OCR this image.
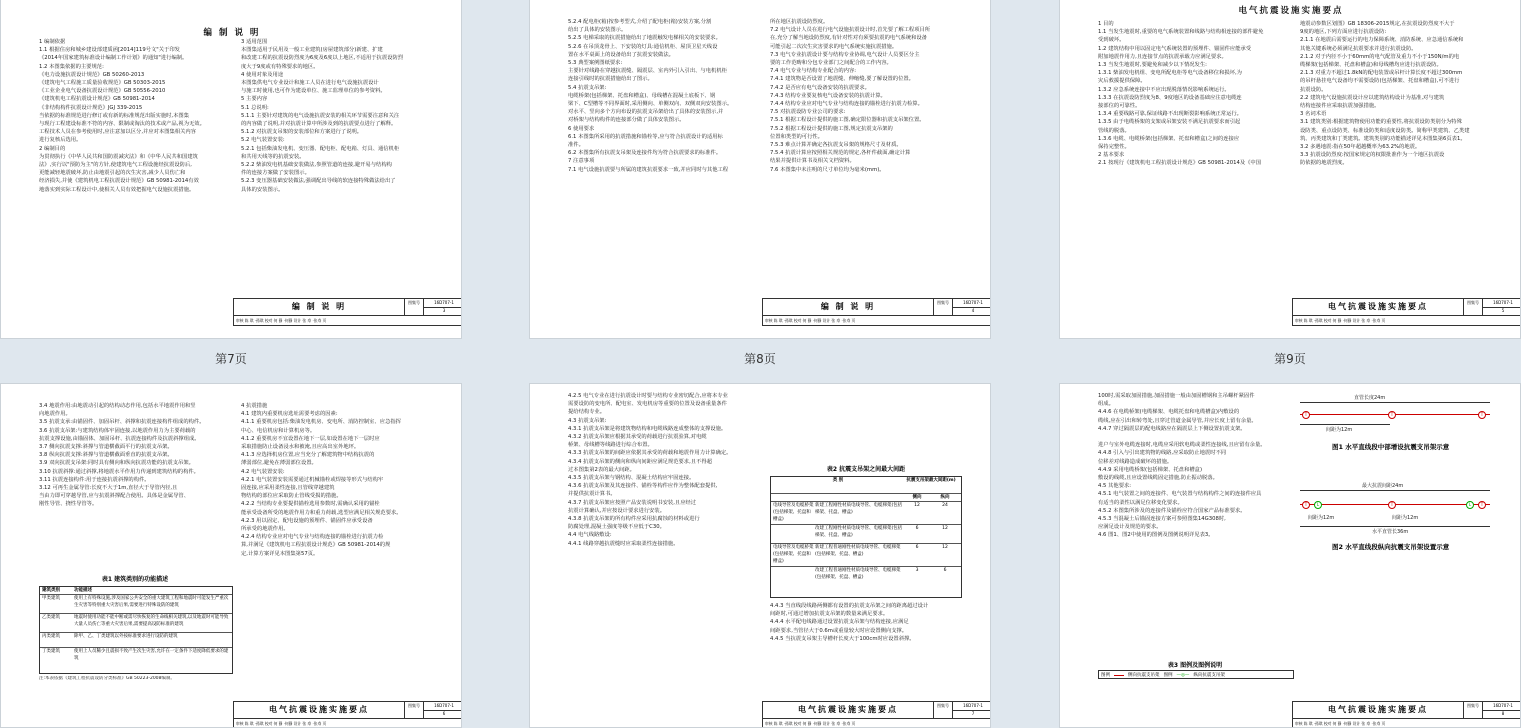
编 制 说 明
1 编制依据
1.1 根据住房和城乡建设部建质函[2014]119号文"关于印发
《2014年国家建筑标准设计编制工作计划》的通知"进行编制。
1.2 本图集依据的主要规范:
《电力设施抗震设计规范》GB 50260-2013
《建筑电气工程施工质量验收规范》GB 50303-2015
《工业企业电气设备抗震设计规范》GB 50556-2010
《建筑机电工程抗震设计规范》GB 50981-2014
《非结构构件抗震设计规范》JGJ 339-2015
当依据的标准规范进行修订或有新的标准规范出版实施时,本图集
与现行工程建设标准不符的内容、限制或淘汰的技术或产品,视为无效。
工程技术人员在参考使用时,应注意加以区分,并应对本图集相关内容
进行复核后选用。
2 编制目的
为贯彻执行《中华人民共和国防震减灾法》和《中华人民共和国建筑
法》,实行以"预防为主"的方针,使建筑电气工程设施经抗震设防后,
更能减轻地震破坏,防止由地震引起的次生灾害,减少人员伤亡和
经济损失,并使《建筑机电工程抗震设计规范》GB 50981-2014有效
地落实到实际工程设计中,使相关人员有效把握电气设施抗震措施。
3 适用范围
本图集适用于民用及一般工业建筑(房屋建筑部分)新建、扩建
和改建工程的抗震设防烈度为6度及6度以上地区,不适用于抗震设防烈
度大于9度或有特殊要求的地区。
4 使用对象及用途
本图集供电气专业设计和施工人员在进行电气设施抗震设计
与施工时使用,也可作为建设单位、施工监理单位的参考资料。
5 主要内容
5.1 总说明:
5.1.1 主要针对建筑的电气设施抗震安装的相关环节需要注意和关注
的内容做了说明,并对抗震计算中所涉及到的抗震要点进行了解释。
5.1.2 对抗震支吊架的安装部位和方案进行了说明。
5.2 电气装置安装:
5.2.1 包括柴油发电机、变压器、配电柜、配电箱、灯具、通信机柜
和共用天线等的抗震安装。
5.2.2 柴油发电机基础安装做法,参照管道的连接,避开易与结构构
件的连接方案做了安装图示。
5.2.3 变压器基础安装做法,强调配出导线的软连接特殊做法给出了
具体的安装图示。
编 制 说 明	图集号	16D707-1
3
审核 陈 琪 ·孫琪 校对 何 静 ·何静 设计 张 寿 ·张寿 页
第7页
5.2.4 配电柜(箱)按参考型式,介绍了配电柜(箱)安装方案,分割
给出了具体的安装图示。
5.2.5 电梯采取的抗震措施给出了地震触发电梯相关的安装要求。
5.2.6 在吊顶龙骨上、下安装的灯具:通信机柜、屋顶卫星天线设
置在水平桌面上的设备给出了抗震安装做法。
5.3 典型案例图纸要求:
主要针对线路在穿越抗震缝、隔震层、室内外引入引出、与电机机柜
连接引线时的抗震措施给出了图示。
5.4 抗震支吊架:
电缆桥架(包括梯架、托盘和槽盒)、母线槽在混凝土底板下、钢
梁下、C型槽等不同界面时,采用侧向、单侧双向、双侧双向安装图示。
对水平、竖向多个方向布设的抗震支吊架给出了具体的安装图示,并
对桥架与结构构件的连接部分做了具体安装图示。
6 使用要求
6.1 本图集所采用的抗震措施和锚栓等,应与符合抗震设计的适用标
准件。
6.2 本图集所有抗震支吊架及连接件均为符合抗震要求的标准件。
7 注意事项
7.1 电气设施抗震要与所属的建筑抗震要求一致,并应同时与其他工程
所在地区抗震设防烈度。
7.2 电气设计人员在进行电气设施抗震设计时,首先要了解工程项目所
在,充分了解当地设防烈度,有针对性对有须要抗震的电气系统和设备
可能引起二次次生灾害要求的电气系统实施抗震措施。
7.3 电气专业抗震设计要与结构专业协调,电气设计人员要区分主
要的工作范畴和分包专业部门之间配合的工作内容。
7.4 电气专业与结构专业配合的内容:
7.4.1 建筑物是否设置了地震缝、伸缩缝,要了解设置的位置。
7.4.2 是否应有电气设备安装的抗震要求。
7.4.3 结构专业要复核电气设备安装的抗震计算。
7.4.4 结构专业应对电气专业与结构连接的锚栓进行抗震力检算。
7.5 对抗震设防专业公司的要求:
7.5.1 根据工程设计提供的施工图,确定限位器和抗震支吊架位置。
7.5.2 根据工程设计提供的施工图,规定抗震支吊架的
位置和类型的可行性。
7.5.3 难点计算并确定各抗震支吊架的规格尺寸及材质。
7.5.4 抗震计算应按照相关规范的规定,各杆件截面,确定计算
结果并提供计算书及相关文档资料。
7.6 本图集中未注明的尺寸单位均为毫米(mm)。
编 制 说 明	图集号	16D707-1
4
审核 陈 琪 ·孫琪 校对 何 静 ·何静 设计 张 寿 ·张寿 页
第8页
电气抗震设施实施要点
1 目的
1.1 当发生地震时,重要的电气系统装置和线路与结构相连接的部件避免
受到破坏。
1.2 建筑结构中用以固定电气系统装置的预埋件、锚固件应能承受
附加地震作用力,且连接节点的抗震承载力应满足要求。
1.3 当发生地震时,要避免和减少以下情况发生:
1.3.1 柴油发电机组、变电所配电柜等电气设备移位和损坏,为
灾后救援提供保障。
1.3.2 应急系统连接中不应出现脱落情况影响系统运行。
1.3.3 在抗震设防烈度为8、9度地区的设备基础应注意电缆连
接部位的可靠性。
1.3.4 重要线路可靠,保证线路不出现断裂影响系统正常运行。
1.3.5 由于电缆桥架的支架或吊架安装不满足抗震要求而引起
管线的脱落。
1.3.6 电缆、电缆桥架(包括梯架、托盘和槽盒)之间的连接应
保持完整性。
2 基本要求
2.1 按现行《建筑机电工程抗震设计规范》GB 50981-2014及《中国
地震动参数区划图》GB 18306-2015规定,在抗震设防烈度不大于
9度的地区,下列方面应进行抗震设防:
2.1.1 在地震后需要运行的电力保障系统、消防系统、应急通信系统和
其他关键系统必须满足抗震要求并进行抗震设防。
2.1.2 对于内径不小于60mm的电气配管及重力不小于150N/m的电
缆梯架(包括梯架、托盘和槽盒)和母线槽均应进行抗震设防。
2.1.3 对重力不超过1.8kN的配电装置或吊杆计算长度不超过300mm
的吊杆悬挂电气设备均不需要设防(包括梯架、托盘和槽盒),可不进行
抗震设防。
2.2 建筑电气设施抗震设计应以建筑结构设计为基准,对与建筑
结构连接件应采取抗震加强措施。
3 名词术语
3.1 建筑类别:根据建筑物使用功能的重要性,将抗震设防类别分为特殊
设防类、重点设防类、标准设防类和适度设防类。简称甲类建筑、乙类建
筑、丙类建筑和丁类建筑。建筑类别的功能描述详见本图集第6页表1。
3.2 多遇地震:指在50年超越概率为63.2%的地震。
3.3 抗震设防烈度:按国家规定的权限批准作为一个地区抗震设
防依据的地震烈度。
电气抗震设施实施要点	图集号	16D707-1
5
审核 陈 琪 ·孫琪 校对 何 静 ·何静 设计 张 寿 ·张寿 页
第9页
3.4 地震作用:由地震动引起的结构动态作用,包括水平地震作用和竖
向地震作用。
3.5 抗震支承:由锚固件、加固吊杆、斜撑和抗震连接构件组成的构件。
3.6 抗震支吊架:与建筑结构体牢固连接,以地震作用力为主要荷载的
抗震支撑设施,由锚固体、加固吊杆、抗震连接构件及抗震斜撑组成。
3.7 侧向抗震支撑:斜撑与管道横截面平行的抗震支吊架。
3.8 纵向抗震支撑:斜撑与管道横截面垂直的抗震支吊架。
3.9 双向抗震支吊架:同时具有侧向和纵向抗震功能的抗震支吊架。
3.10 抗震斜撑:通过斜撑,将地震水平作用力传递到建筑结构的构件。
3.11 抗震连接构件:用于连接抗震斜撑的构件。
3.12 可再生金属导管:长度不大于1m,直径大于导管内径,且
当由力即可穿越导管,应与抗震斜撑配合使用。具体是金属导管、
刚性导管、挠性导管等。
表1 建筑类别的功能描述
建筑类别	功能描述
甲类建筑	使用上有特殊设施,涉及国家公共安全的重大建筑工程和地震时可能发生严重次生灾害等特别重大灾害后果,需要进行特殊设防的建筑
乙类建筑	地震时使用功能不能中断或需尽快恢复的生命线相关建筑,以及地震时可能导致大量人员伤亡等重大灾害后果,需要提高设防标准的建筑
丙类建筑	除甲、乙、丁类建筑以外按标准要求进行设防的建筑
丁类建筑	使用上人员稀少且震损不致产生次生灾害,允许在一定条件下适度降低要求的建筑
注:本表依据《建筑工程抗震设防分类标准》GB 50223-2008编制。
4 抗震措施
4.1 建筑内重要机房选址需要考虑的因素:
4.1.1 重要机房包括:柴油发电机房、变电所、消防控制室、应急指挥
中心、电信机房和计算机房等。
4.1.2 重要机房不宜设置在地下一层,如设置在地下一层时应
采取措施防止设备浸水和被淹,且应高出室外地坪。
4.1.3 应选择机房位置,应当充分了解建筑物中结构抗震的
薄弱部位,避免在薄弱部位设置。
4.2 电气装置安装:
4.2.1 电气装置安装需要通过机械锚栓或焊接等形式与结构牢
固连接,应采用柔性连接,且管线穿越建筑
物结构的部位应采取防止管线受损的措施。
4.2.2 当结构专业要提供锚栓选用参数时,需确认采用的锚栓
能承受设备所受的地震作用力和重力荷载,选型应满足相关规范要求。
4.2.3 用以固定、配电设施的预埋件、锚固件应承受设备
所承受的地震作用。
4.2.4 结构专业应对电气专业与结构连接的锚栓进行抗震力检
算,并满足《建筑机电工程抗震设计规范》GB 50981-2014的规
定,计算方案详见本图集第57页。
电气抗震设施实施要点	图集号	16D707-1
6
审核 陈 琪 ·孫琪 校对 何 静 ·何静 设计 张 寿 ·张寿 页
4.2.5 电气专业在进行抗震设计时要与结构专业密切配合,应将本专业
需要设防的变电所、配电室、发电机房等重要的位置及设备重量条件
提给结构专业。
4.3 抗震支吊架:
4.3.1 抗震支吊架是将建筑物结构和电缆线路连成整体的支撑设施。
4.3.2 抗震支吊架应根据其承受的荷载进行抗震验算,对电缆
桥架、母线槽等线路进行综合布置。
4.3.3 抗震支吊架的间距应依据其承受的荷载和地震作用力计算确定。
4.3.4 抗震支吊架的侧向和纵向间距应满足规范要求,且不得超
过本图集第2表的最大间距。
4.3.5 抗震支吊架与钢结构、混凝土结构应牢固连接。
4.3.6 抗震支吊架及其连接件、锚栓等构件应作为整体配套提供,
并提供抗震计算书。
4.3.7 抗震支吊架应按照产品安装说明书安装,且应经过
抗震计算确认,并应按设计要求进行安装。
4.3.8 抗震支吊架的所有构件应采用抗腐蚀的材料或进行
防腐处理,混凝土强度等级不应低于C30。
4.4 电气线路敷设:
4.4.1 线路穿越抗震缝时应采取柔性连接措施。
表2 抗震支吊架之间最大间距
类 别	抗震支吊架最大间距(m)
侧向	纵向
电线导管及电缆桥架(包括梯架、托盘和槽盒)
新建工程刚性材质电线导管、电缆梯架(包括梯架、托盘、槽盒)
12	24
改建工程刚性材质电线导管、电缆梯架(包括梯架、托盘、槽盒)
6	12
电线导管及电缆桥架(包括梯架、托盘和槽盒)
新建工程普通刚性材质电线导管、电缆梯架(包括梯架、托盘、槽盒)
6	12
改建工程普通刚性材质电线导管、电缆梯架(包括梯架、托盘、槽盒)
3	6
4.4.3 当直线段线路两侧都有设置的抗震支吊架之间的距离超过设计
间距时,可通过增加抗震支吊架的数量来满足要求。
4.4.4 水平配电线路通过设置抗震支吊架与结构连接,应满足
间距要求,当管径大于0.6m或重量较大时应设置侧向支撑。
4.4.5 当抗震支吊架主导槽杆长度大于100cm时应设置斜撑。
电气抗震设施实施要点	图集号	16D707-1
7
审核 陈 琪 ·孫琪 校对 何 静 ·何静 设计 张 寿 ·张寿 页
100时,需采取加固措施,加固措施一般由加固槽钢和主吊螺杆紧固件
组成。
4.4.6 在电缆桥架(电缆梯架、电缆托盘和电缆槽盒)内敷设的
缆线,应在引出和转弯处,且穿过管道金属导管,并应长度上留有余量。
4.4.7 穿过隔震层的配电线路应在隔震层上下侧设置抗震支架。

进户与室外电缆连接时,电缆应采用软电缆或柔性连接线,且应留有余量。
4.4.8 引入与引出建筑物的线路,应采取防止地震时不同
位移差对线路造成破坏的措施。
4.4.9 采用电缆桥架(包括梯架、托盘和槽盒)
敷设的线缆,且应设置线缆固定措施,防止振动脱落。
4.5 其他要求:
4.5.1 电气装置之间的连接件、电气装置与结构构件之间的连接件应具
有适当的柔性以满足位移变化要求。
4.5.2 本图集所涉及的连接件及锚栓应符合国家产品标准要求。
4.5.3 当混凝土后锚固连接方案可参照图集14G308时,
应满足设计及规范的要求。
4.6 图1、图2中使用的图例及图例说明详见表3。
直管长度24m
T	T	T
间距为12m
图1 水平直线段中部增设抗震支吊架示意
最大抗震间距24m
T	L	T	L	T
间距为12m	间距为12m
水平直管长36m
图2 水平直线段纵向抗震支吊架设置示意
表3 图例及图例说明
图例	侧向抗震支吊架 图例 —◎— 纵向抗震支吊架
电气抗震设施实施要点	图集号	16D707-1
8
审核 陈 琪 ·孫琪 校对 何 静 ·何静 设计 张 寿 ·张寿 页
